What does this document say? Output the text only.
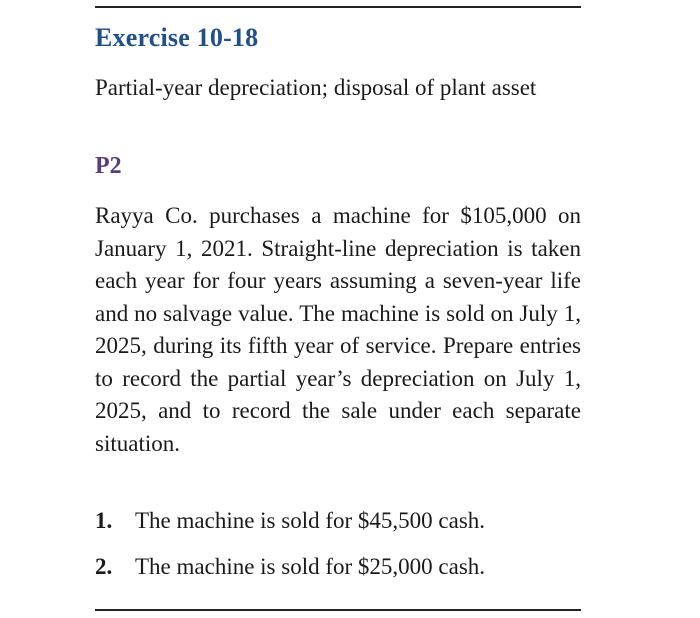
Exercise 10-18

Partial-year depreciation; disposal of plant asset

P2

Rayya Co. purchases a machine for $105,000 on January 1, 2021. Straight-line depreciation is taken each year for four years assuming a seven-year life and no salvage value. The machine is sold on July 1, 2025, during its fifth year of service. Prepare entries to record the partial year’s depreciation on July 1, 2025, and to record the sale under each separate situation.

1. The machine is sold for $45,500 cash.
2. The machine is sold for $25,000 cash.
